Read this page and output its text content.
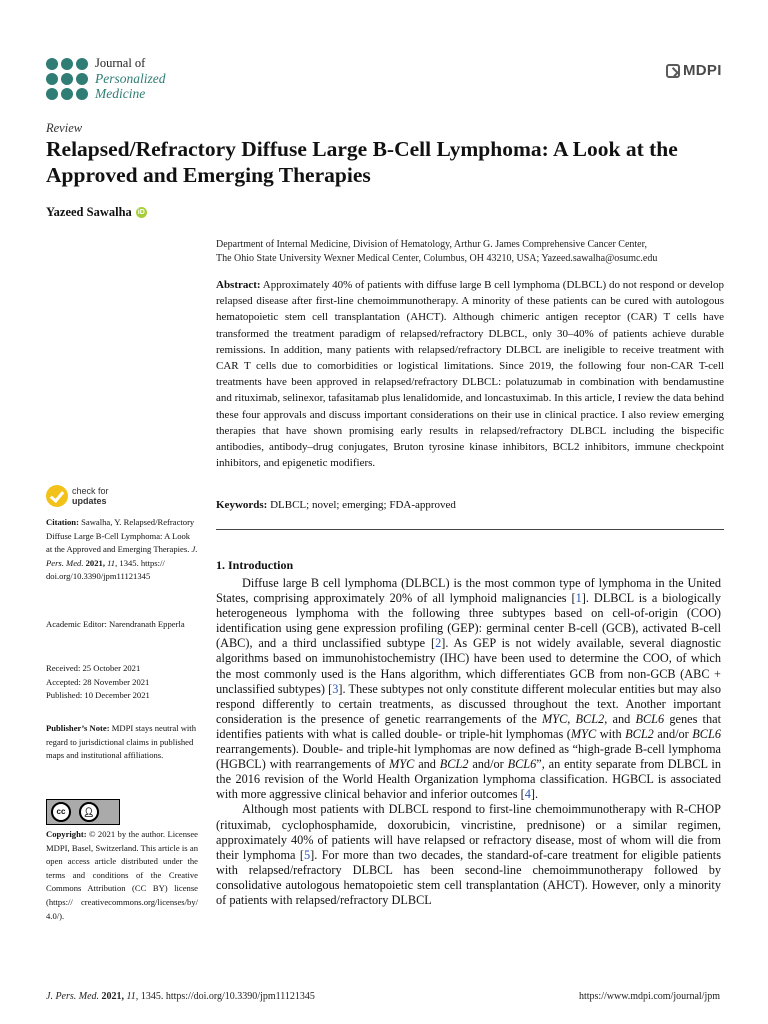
Journal of
Personalized
Medicine
MDPI
Review
Relapsed/Refractory Diffuse Large B-Cell Lymphoma: A Look at the Approved and Emerging Therapies
Yazeed Sawalha iD
Department of Internal Medicine, Division of Hematology, Arthur G. James Comprehensive Cancer Center,
The Ohio State University Wexner Medical Center, Columbus, OH 43210, USA; Yazeed.sawalha@osumc.edu
Abstract: Approximately 40% of patients with diffuse large B cell lymphoma (DLBCL) do not respond or develop relapsed disease after first-line chemoimmunotherapy. A minority of these patients can be cured with autologous hematopoietic stem cell transplantation (AHCT). Although chimeric antigen receptor (CAR) T cells have transformed the treatment paradigm of relapsed/refractory DLBCL, only 30–40% of patients achieve durable remissions. In addition, many patients with relapsed/refractory DLBCL are ineligible to receive treatment with CAR T cells due to comorbidities or logistical limitations. Since 2019, the following four non-CAR T-cell treatments have been approved in relapsed/refractory DLBCL: polatuzumab in combination with bendamustine and rituximab, selinexor, tafasitamab plus lenalidomide, and loncastuximab. In this article, I review the data behind these four approvals and discuss important considerations on their use in clinical practice. I also review emerging therapies that have shown promising early results in relapsed/refractory DLBCL including the bispecific antibodies, antibody–drug conjugates, Bruton tyrosine kinase inhibitors, BCL2 inhibitors, immune checkpoint inhibitors, and epigenetic modifiers.
Keywords: DLBCL; novel; emerging; FDA-approved
check for
updates
Citation: Sawalha, Y. Relapsed/Refractory Diffuse Large B-Cell Lymphoma: A Look at the Approved and Emerging Therapies. J. Pers. Med. 2021, 11, 1345. https:// doi.org/10.3390/jpm11121345
Academic Editor: Narendranath Epperla
Received: 25 October 2021
Accepted: 28 November 2021
Published: 10 December 2021
Publisher’s Note: MDPI stays neutral with regard to jurisdictional claims in published maps and institutional affiliations.
cc	👤︎
Copyright: © 2021 by the author. Licensee MDPI, Basel, Switzerland. This article is an open access article distributed under the terms and conditions of the Creative Commons Attribution (CC BY) license (https:// creativecommons.org/licenses/by/ 4.0/).
1. Introduction

Diffuse large B cell lymphoma (DLBCL) is the most common type of lymphoma in the United States, comprising approximately 20% of all lymphoid malignancies [1]. DLBCL is a biologically heterogeneous lymphoma with the following three subtypes based on cell-of-origin (COO) identification using gene expression profiling (GEP): germinal center B-cell (GCB), activated B-cell (ABC), and a third unclassified subtype [2]. As GEP is not widely available, several diagnostic algorithms based on immunohistochemistry (IHC) have been used to determine the COO, of which the most commonly used is the Hans algorithm, which differentiates GCB from non-GCB (ABC + unclassified subtypes) [3]. These subtypes not only constitute different molecular entities but may also respond differently to certain treatments, as discussed throughout the text. Another important consideration is the presence of genetic rearrangements of the MYC, BCL2, and BCL6 genes that identifies patients with what is called double- or triple-hit lymphomas (MYC with BCL2 and/or BCL6 rearrangements). Double- and triple-hit lymphomas are now defined as “high-grade B-cell lymphoma (HGBCL) with rearrangements of MYC and BCL2 and/or BCL6”, an entity separate from DLBCL in the 2016 revision of the World Health Organization lymphoma classification. HGBCL is associated with more aggressive clinical behavior and inferior outcomes [4].

Although most patients with DLBCL respond to first-line chemoimmunotherapy with R-CHOP (rituximab, cyclophosphamide, doxorubicin, vincristine, prednisone) or a similar regimen, approximately 40% of patients will have relapsed or refractory disease, most of whom will die from their lymphoma [5]. For more than two decades, the standard-of-care treatment for eligible patients with relapsed/refractory DLBCL has been second-line chemoimmunotherapy followed by consolidative autologous hematopoietic stem cell transplantation (AHCT). However, only a minority of patients with relapsed/refractory DLBCL

J. Pers. Med. 2021, 11, 1345. https://doi.org/10.3390/jpm11121345	https://www.mdpi.com/journal/jpm
